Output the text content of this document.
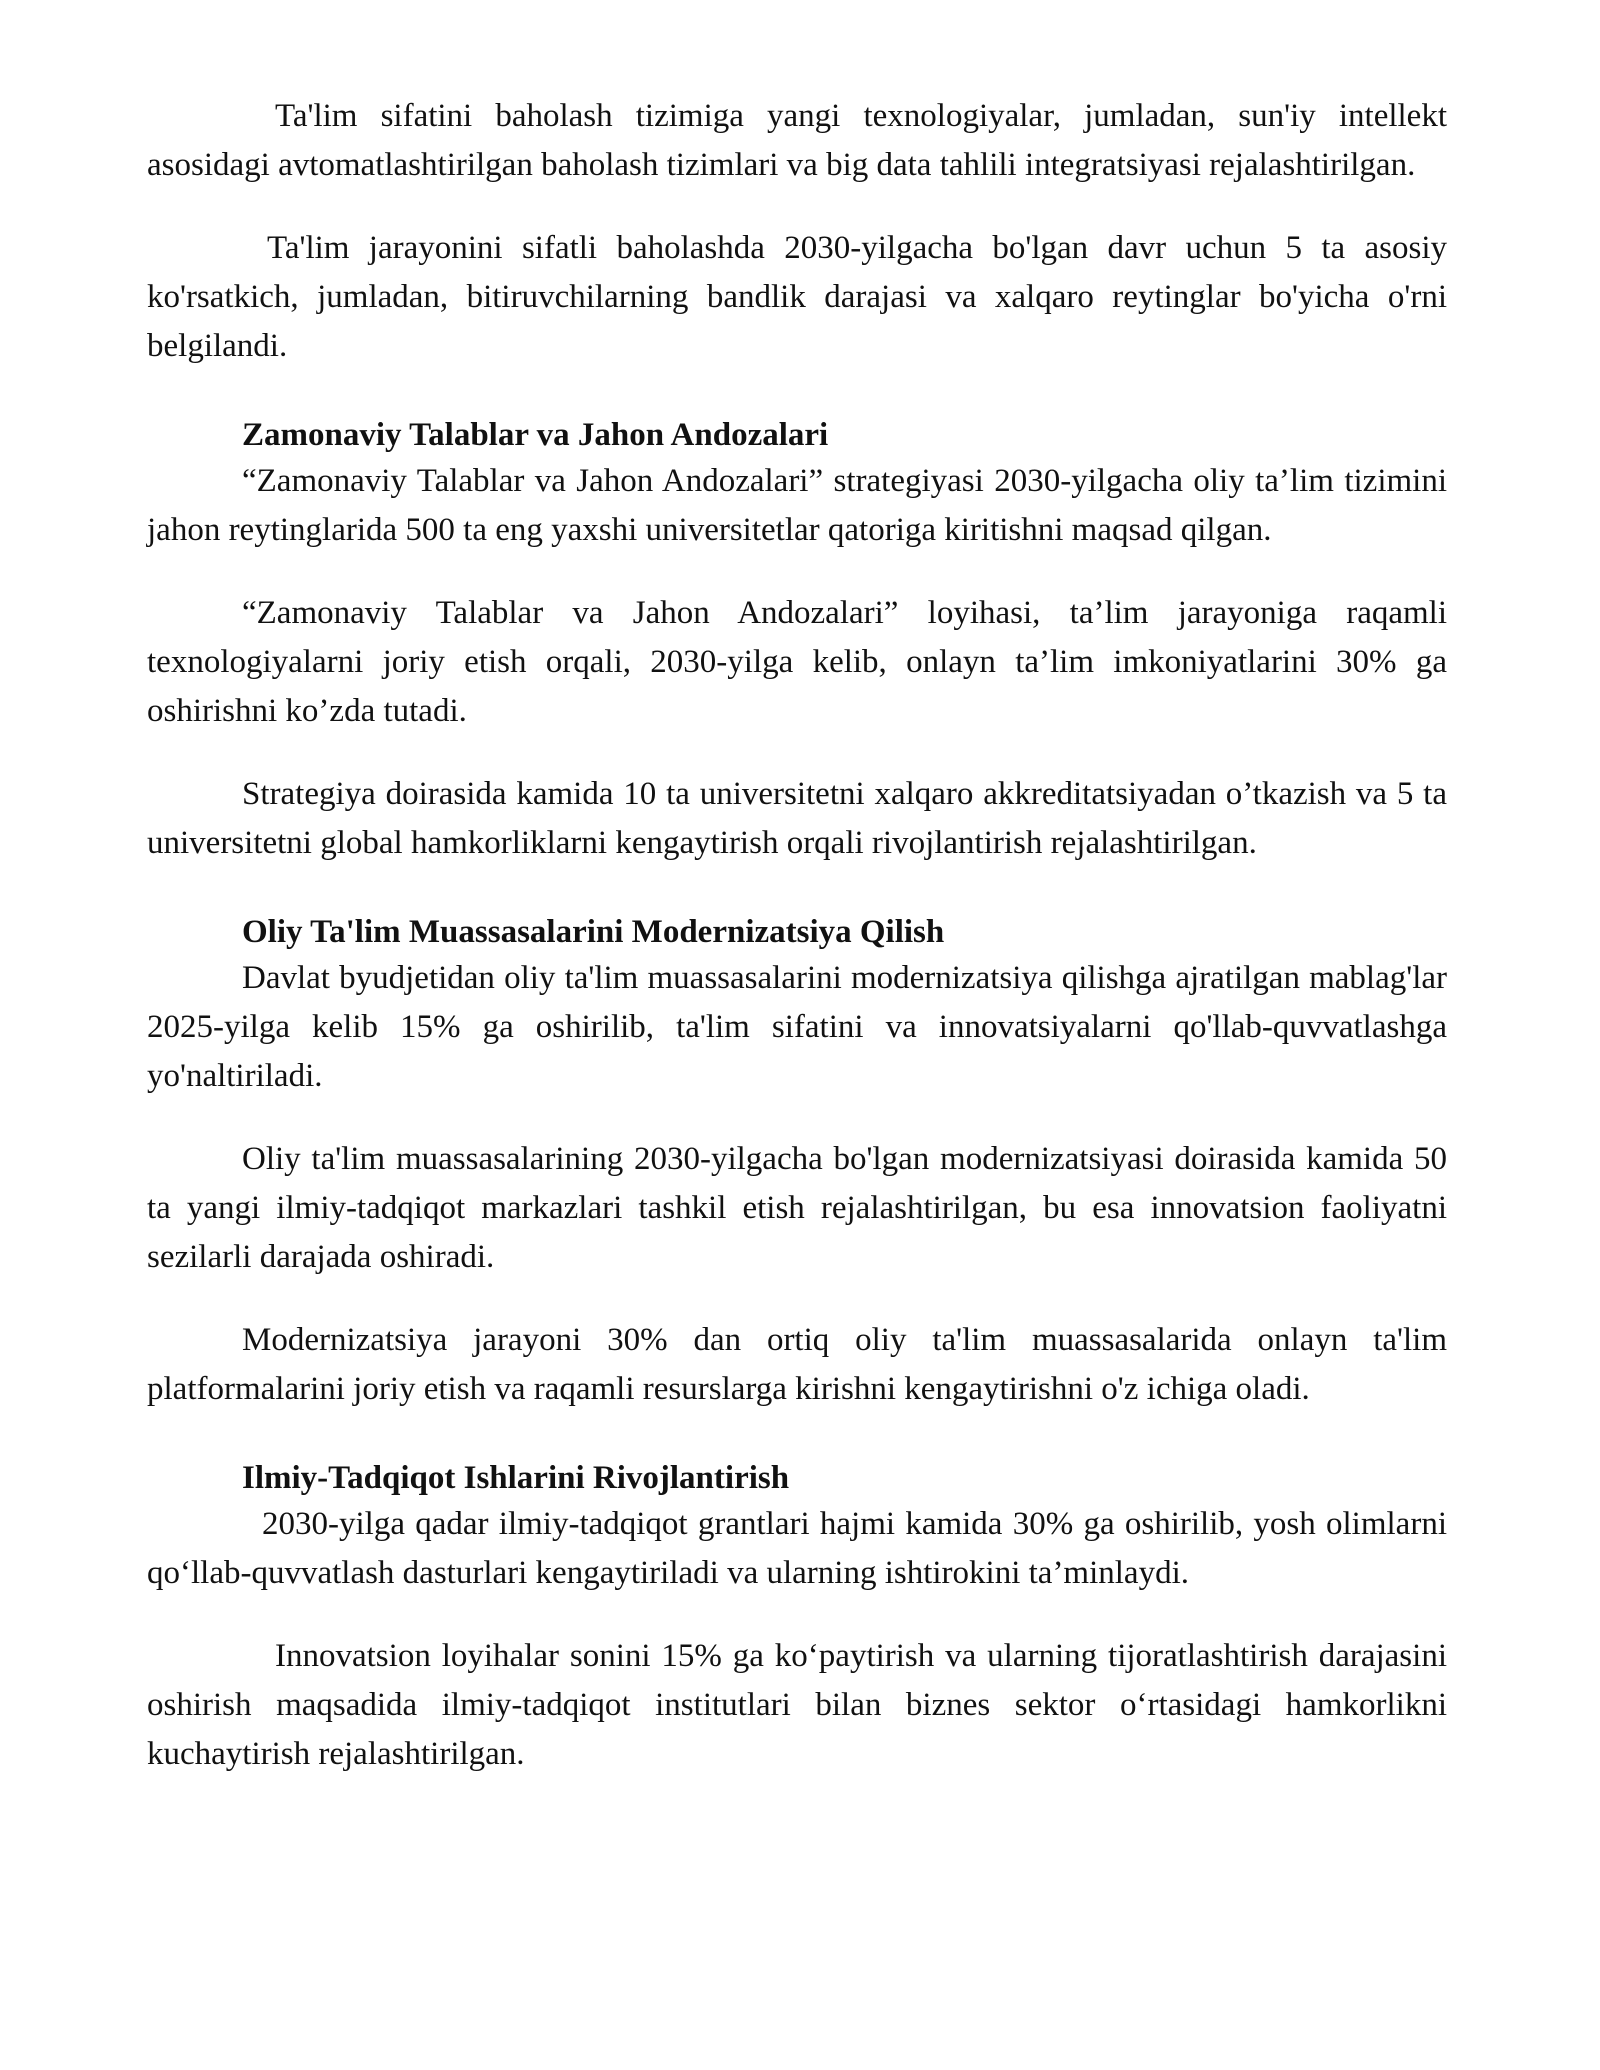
Ta'lim sifatini baholash tizimiga yangi texnologiyalar, jumladan, sun'iy intellekt asosidagi avtomatlashtirilgan baholash tizimlari va big data tahlili integratsiyasi rejalashtirilgan.

Ta'lim jarayonini sifatli baholashda 2030-yilgacha bo'lgan davr uchun 5 ta asosiy ko'rsatkich, jumladan, bitiruvchilarning bandlik darajasi va xalqaro reytinglar bo'yicha o'rni belgilandi.

Zamonaviy Talablar va Jahon Andozalari

“Zamonaviy Talablar va Jahon Andozalari” strategiyasi 2030-yilgacha oliy ta’lim tizimini jahon reytinglarida 500 ta eng yaxshi universitetlar qatoriga kiritishni maqsad qilgan.

“Zamonaviy Talablar va Jahon Andozalari” loyihasi, ta’lim jarayoniga raqamli texnologiyalarni joriy etish orqali, 2030-yilga kelib, onlayn ta’lim imkoniyatlarini 30% ga oshirishni ko’zda tutadi.

Strategiya doirasida kamida 10 ta universitetni xalqaro akkreditatsiyadan o’tkazish va 5 ta universitetni global hamkorliklarni kengaytirish orqali rivojlantirish rejalashtirilgan.

Oliy Ta'lim Muassasalarini Modernizatsiya Qilish

Davlat byudjetidan oliy ta'lim muassasalarini modernizatsiya qilishga ajratilgan mablag'lar 2025-yilga kelib 15% ga oshirilib, ta'lim sifatini va innovatsiyalarni qo'llab-quvvatlashga yo'naltiriladi.

Oliy ta'lim muassasalarining 2030-yilgacha bo'lgan modernizatsiyasi doirasida kamida 50 ta yangi ilmiy-tadqiqot markazlari tashkil etish rejalashtirilgan, bu esa innovatsion faoliyatni sezilarli darajada oshiradi.

Modernizatsiya jarayoni 30% dan ortiq oliy ta'lim muassasalarida onlayn ta'lim platformalarini joriy etish va raqamli resurslarga kirishni kengaytirishni o'z ichiga oladi.

Ilmiy-Tadqiqot Ishlarini Rivojlantirish

2030-yilga qadar ilmiy-tadqiqot grantlari hajmi kamida 30% ga oshirilib, yosh olimlarni qo‘llab-quvvatlash dasturlari kengaytiriladi va ularning ishtirokini ta’minlaydi.

Innovatsion loyihalar sonini 15% ga ko‘paytirish va ularning tijoratlashtirish darajasini oshirish maqsadida ilmiy-tadqiqot institutlari bilan biznes sektor o‘rtasidagi hamkorlikni kuchaytirish rejalashtirilgan.
